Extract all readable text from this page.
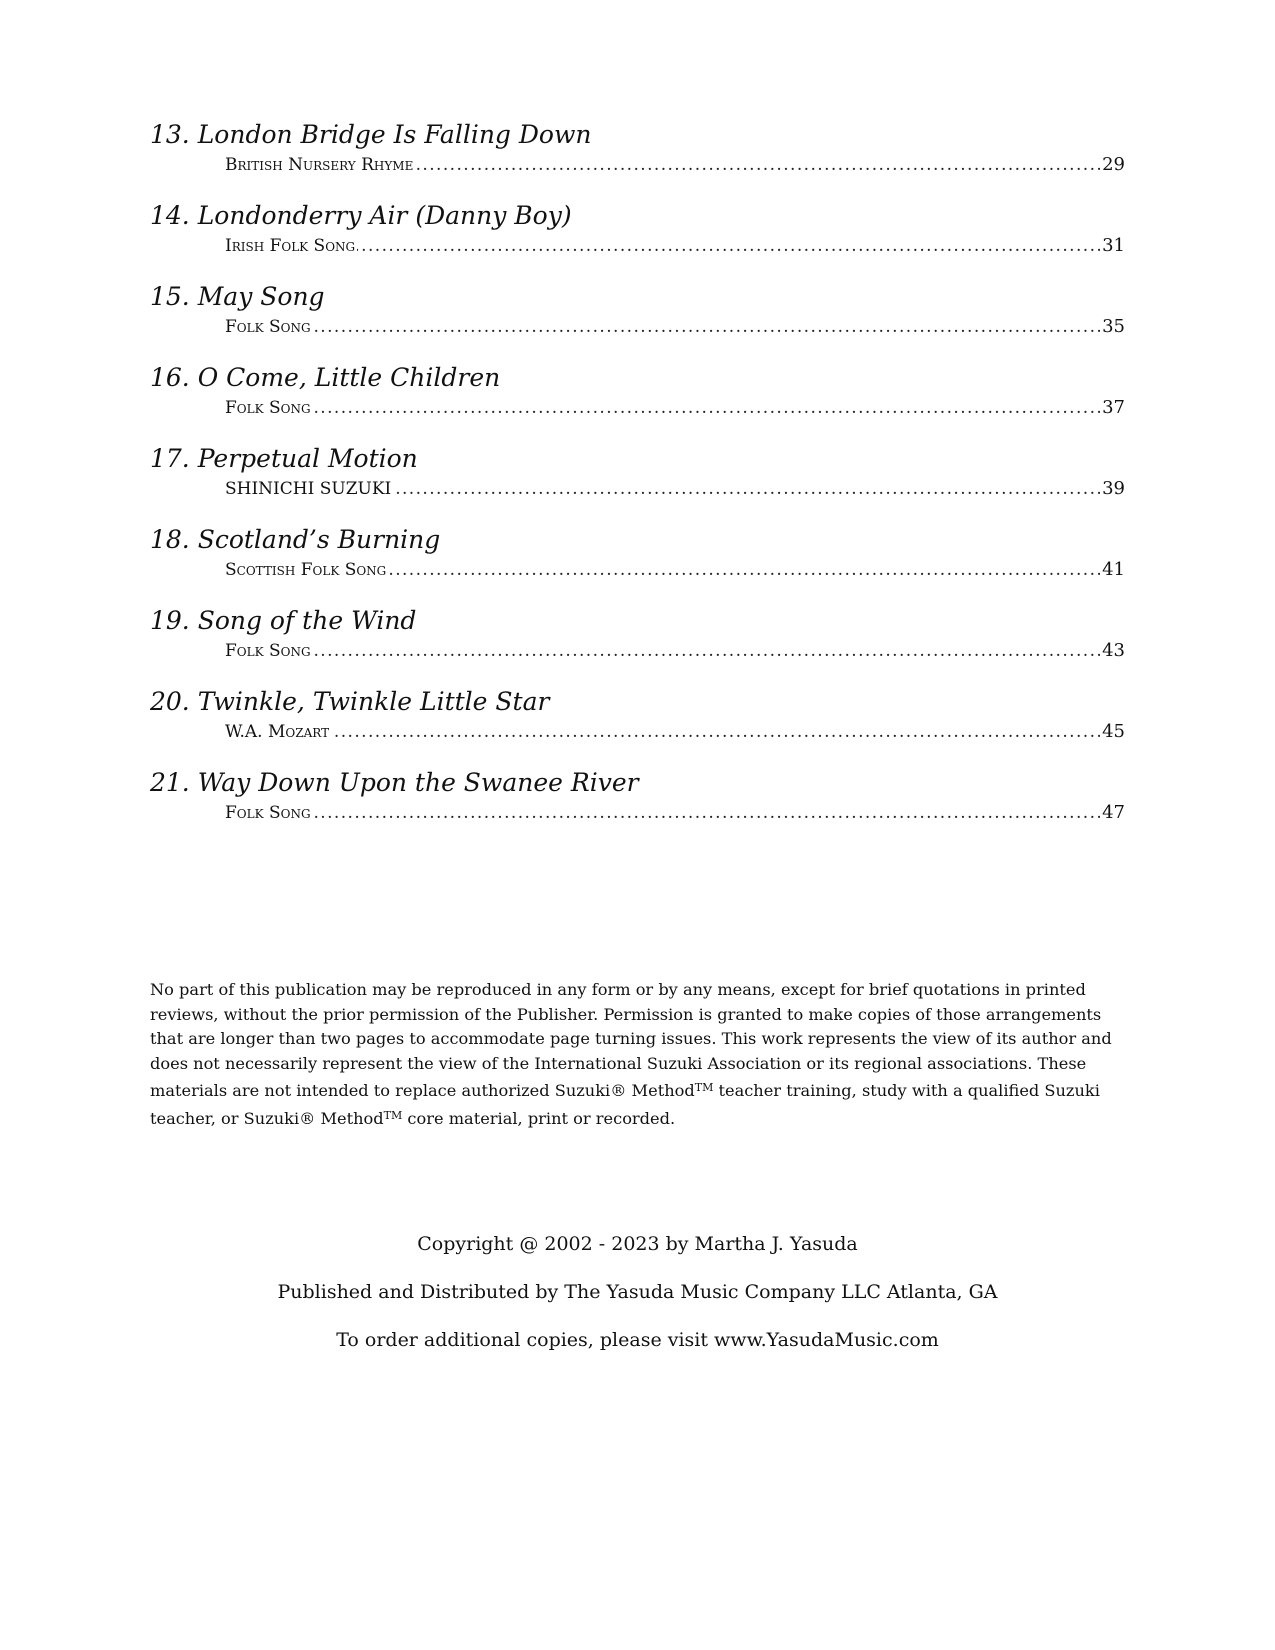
13. London Bridge Is Falling Down
. . . British Nursery Rhyme	29
14. Londonderry Air (Danny Boy)
. . . Irish Folk Song	31
15. May Song
. . . Folk Song	35
16. O Come, Little Children
. . . Folk Song	37
17. Perpetual Motion
. . . SHINICHI SUZUKI	39
18. Scotland’s Burning
. . . Scottish Folk Song	41
19. Song of the Wind
. . . Folk Song	43
20. Twinkle, Twinkle Little Star
. . . W.A. Mozart	45
21. Way Down Upon the Swanee River
. . . Folk Song	47

No part of this publication may be reproduced in any form or by any means, except for brief quotations in printed reviews, without the prior permission of the Publisher. Permission is granted to make copies of those arrangements that are longer than two pages to accommodate page turning issues. This work represents the view of its author and does not necessarily represent the view of the International Suzuki Association or its regional associations. These materials are not intended to replace authorized Suzuki® Method™ teacher training, study with a qualified Suzuki teacher, or Suzuki® Method™ core material, print or recorded.

Copyright @ 2002 - 2023 by Martha J. Yasuda
Published and Distributed by The Yasuda Music Company LLC Atlanta, GA
To order additional copies, please visit www.YasudaMusic.com
